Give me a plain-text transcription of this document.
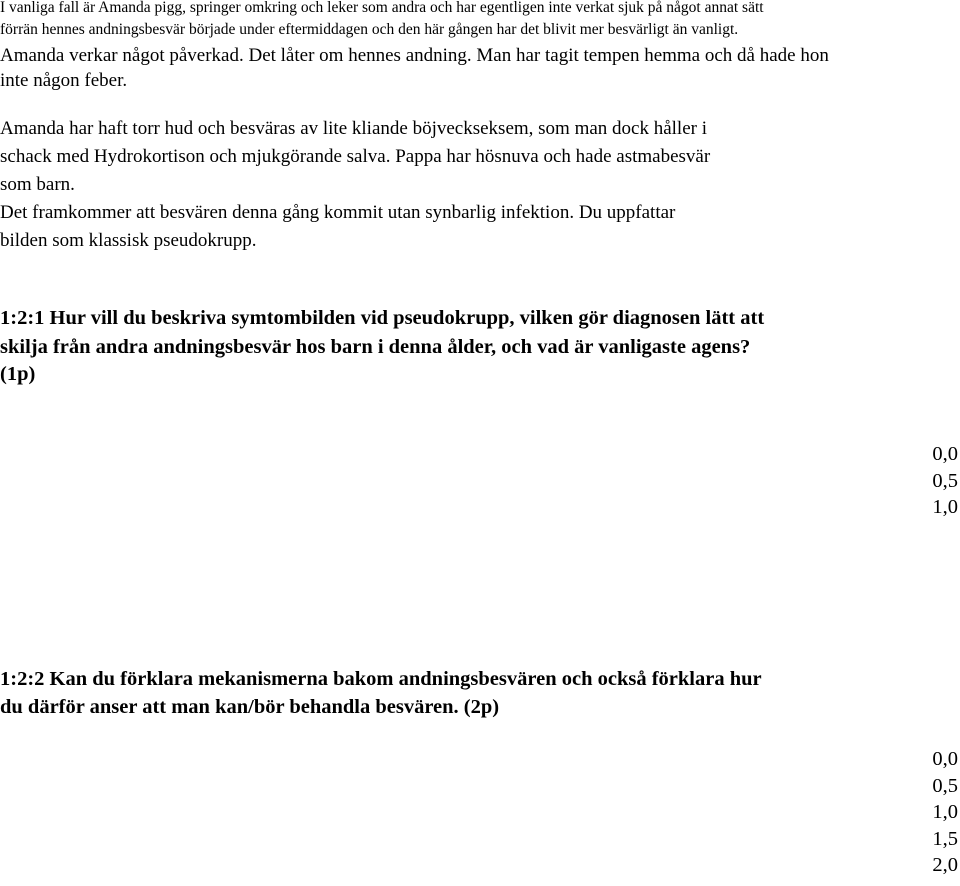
I vanliga fall är Amanda pigg, springer omkring och leker som andra och har egentligen inte verkat sjuk på något annat sätt

förrän hennes andningsbesvär började under eftermiddagen och den här gången har det blivit mer besvärligt än vanligt.

Amanda verkar något påverkad. Det låter om hennes andning. Man har tagit tempen hemma och då hade hon

inte någon feber.

Amanda har haft torr hud och besväras av lite kliande böjveckseksem, som man dock håller i

schack med Hydrokortison och mjukgörande salva. Pappa har hösnuva och hade astmabesvär

som barn.

Det framkommer att besvären denna gång kommit utan synbarlig infektion. Du uppfattar

bilden som klassisk pseudokrupp.

1:2:1 Hur vill du beskriva symtombilden vid pseudokrupp, vilken gör diagnosen lätt att

skilja från andra andningsbesvär hos barn i denna ålder, och vad är vanligaste agens?

(1p)

0,0
0,5
1,0

1:2:2 Kan du förklara mekanismerna bakom andningsbesvären och också förklara hur

du därför anser att man kan/bör behandla besvären. (2p)

0,0
0,5
1,0
1,5
2,0
